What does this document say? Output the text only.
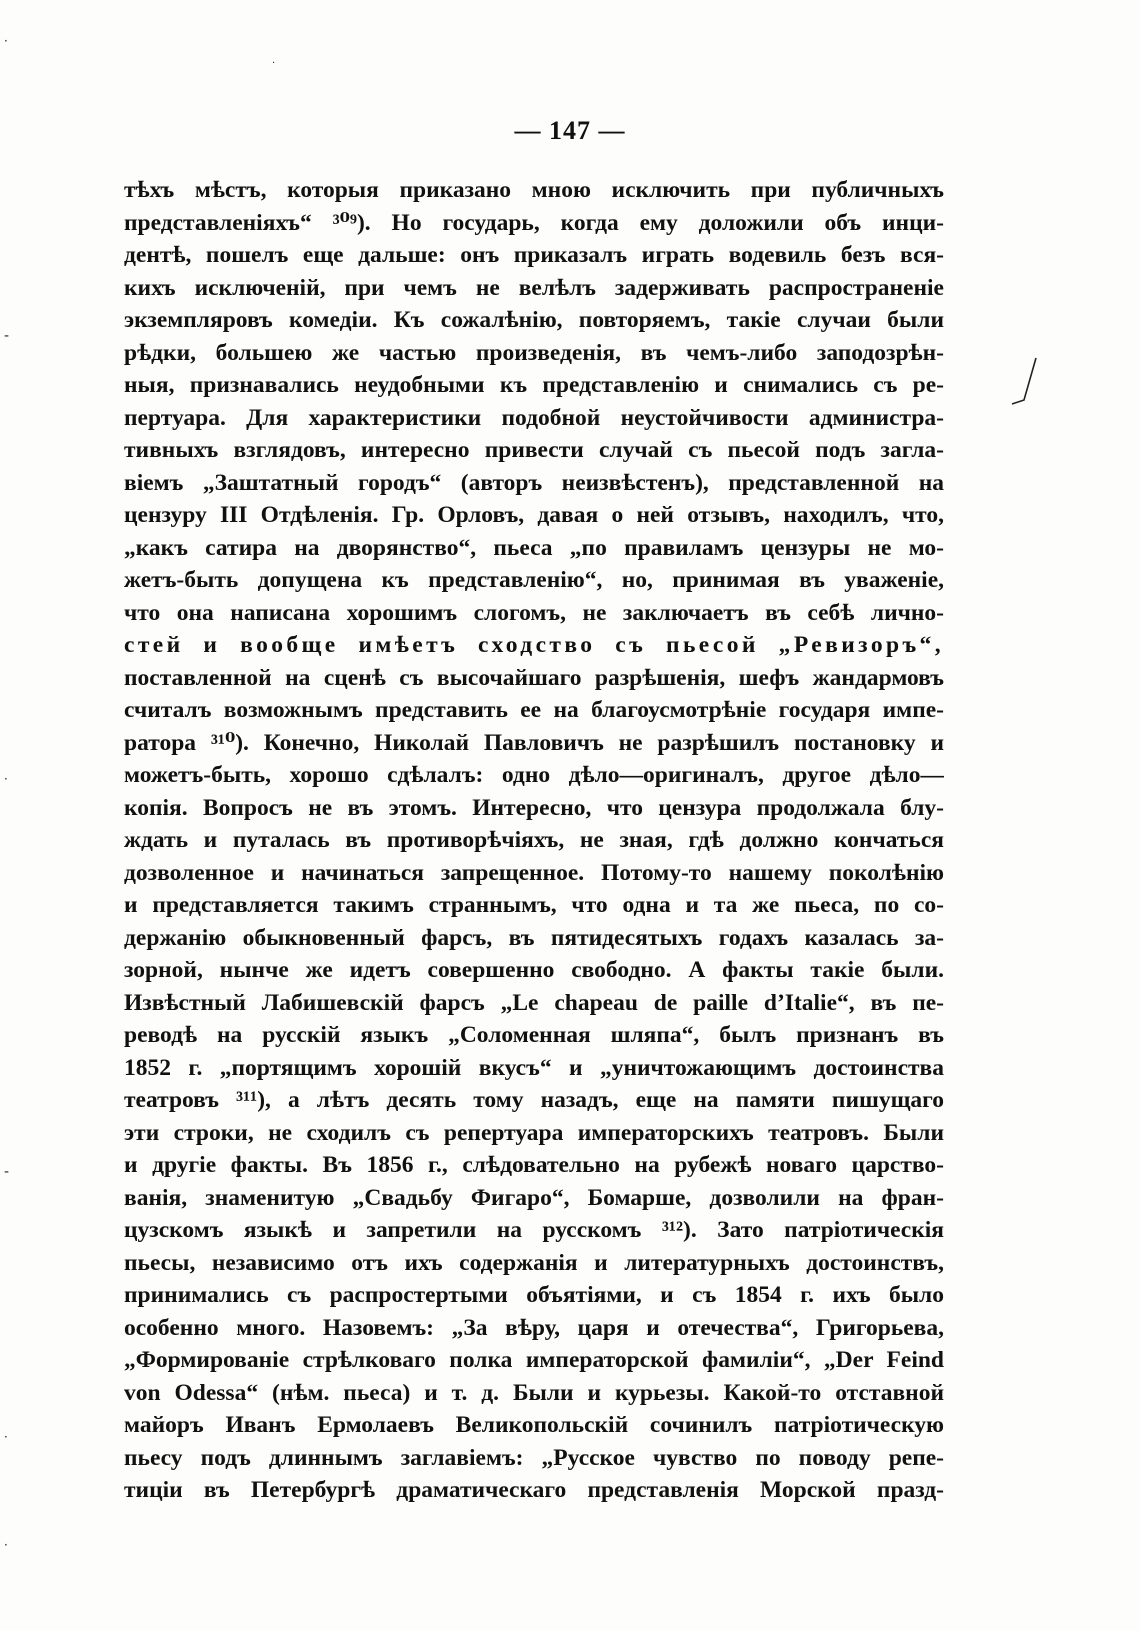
·
·
-
·
-
·
·
— 147 —
тѣхъ мѣстъ, которыя приказано мною исключить при публичныхъ
представленіяхъ“ ³⁰⁹). Но государь, когда ему доложили объ инци-
дентѣ, пошелъ еще дальше: онъ приказалъ играть водевиль безъ вся-
кихъ исключеній, при чемъ не велѣлъ задерживать распространеніе
экземпляровъ комедіи. Къ сожалѣнію, повторяемъ, такіе случаи были
рѣдки, большею же частью произведенія, въ чемъ-либо заподозрѣн-
ныя, признавались неудобными къ представленію и снимались съ ре-
пертуара. Для характеристики подобной неустойчивости администра-
тивныхъ взглядовъ, интересно привести случай съ пьесой подъ загла-
віемъ „Заштатный городъ“ (авторъ неизвѣстенъ), представленной на
цензуру III Отдѣленія. Гр. Орловъ, давая о ней отзывъ, находилъ, что,
„какъ сатира на дворянство“, пьеса „по правиламъ цензуры не мо-
жетъ-быть допущена къ представленію“, но, принимая въ уваженіе,
что она написана хорошимъ слогомъ, не заключаетъ въ себѣ лично-
стей и вообще имѣетъ сходство съ пьесой „Ревизоръ“,
поставленной на сценѣ съ высочайшаго разрѣшенія, шефъ жандармовъ
считалъ возможнымъ представить ее на благоусмотрѣніе государя импе-
ратора ³¹⁰). Конечно, Николай Павловичъ не разрѣшилъ постановку и
можетъ-быть, хорошо сдѣлалъ: одно дѣло—оригиналъ, другое дѣло—
копія. Вопросъ не въ этомъ. Интересно, что цензура продолжала блу-
ждать и путалась въ противорѣчіяхъ, не зная, гдѣ должно кончаться
дозволенное и начинаться запрещенное. Потому-то нашему поколѣнію
и представляется такимъ страннымъ, что одна и та же пьеса, по со-
держанію обыкновенный фарсъ, въ пятидесятыхъ годахъ казалась за-
зорной, нынче же идетъ совершенно свободно. А факты такіе были.
Извѣстный Лабишевскій фарсъ „Le chapeau de paille d’Italie“, въ пе-
реводѣ на русскій языкъ „Соломенная шляпа“, былъ признанъ въ
1852 г. „портящимъ хорошій вкусъ“ и „уничтожающимъ достоинства
театровъ ³¹¹), а лѣтъ десять тому назадъ, еще на памяти пишущаго
эти строки, не сходилъ съ репертуара императорскихъ театровъ. Были
и другіе факты. Въ 1856 г., слѣдовательно на рубежѣ новаго царство-
ванія, знаменитую „Свадьбу Фигаро“, Бомарше, дозволили на фран-
цузскомъ языкѣ и запретили на русскомъ ³¹²). Зато патріотическія
пьесы, независимо отъ ихъ содержанія и литературныхъ достоинствъ,
принимались съ распростертыми объятіями, и съ 1854 г. ихъ было
особенно много. Назовемъ: „За вѣру, царя и отечества“, Григорьева,
„Формированіе стрѣлковаго полка императорской фамиліи“, „Der Feind
von Odessa“ (нѣм. пьеса) и т. д. Были и курьезы. Какой-то отставной
майоръ Иванъ Ермолаевъ Великопольскій сочинилъ патріотическую
пьесу подъ длиннымъ заглавіемъ: „Русское чувство по поводу репе-
тиціи въ Петербургѣ драматическаго представленія Морской празд-
